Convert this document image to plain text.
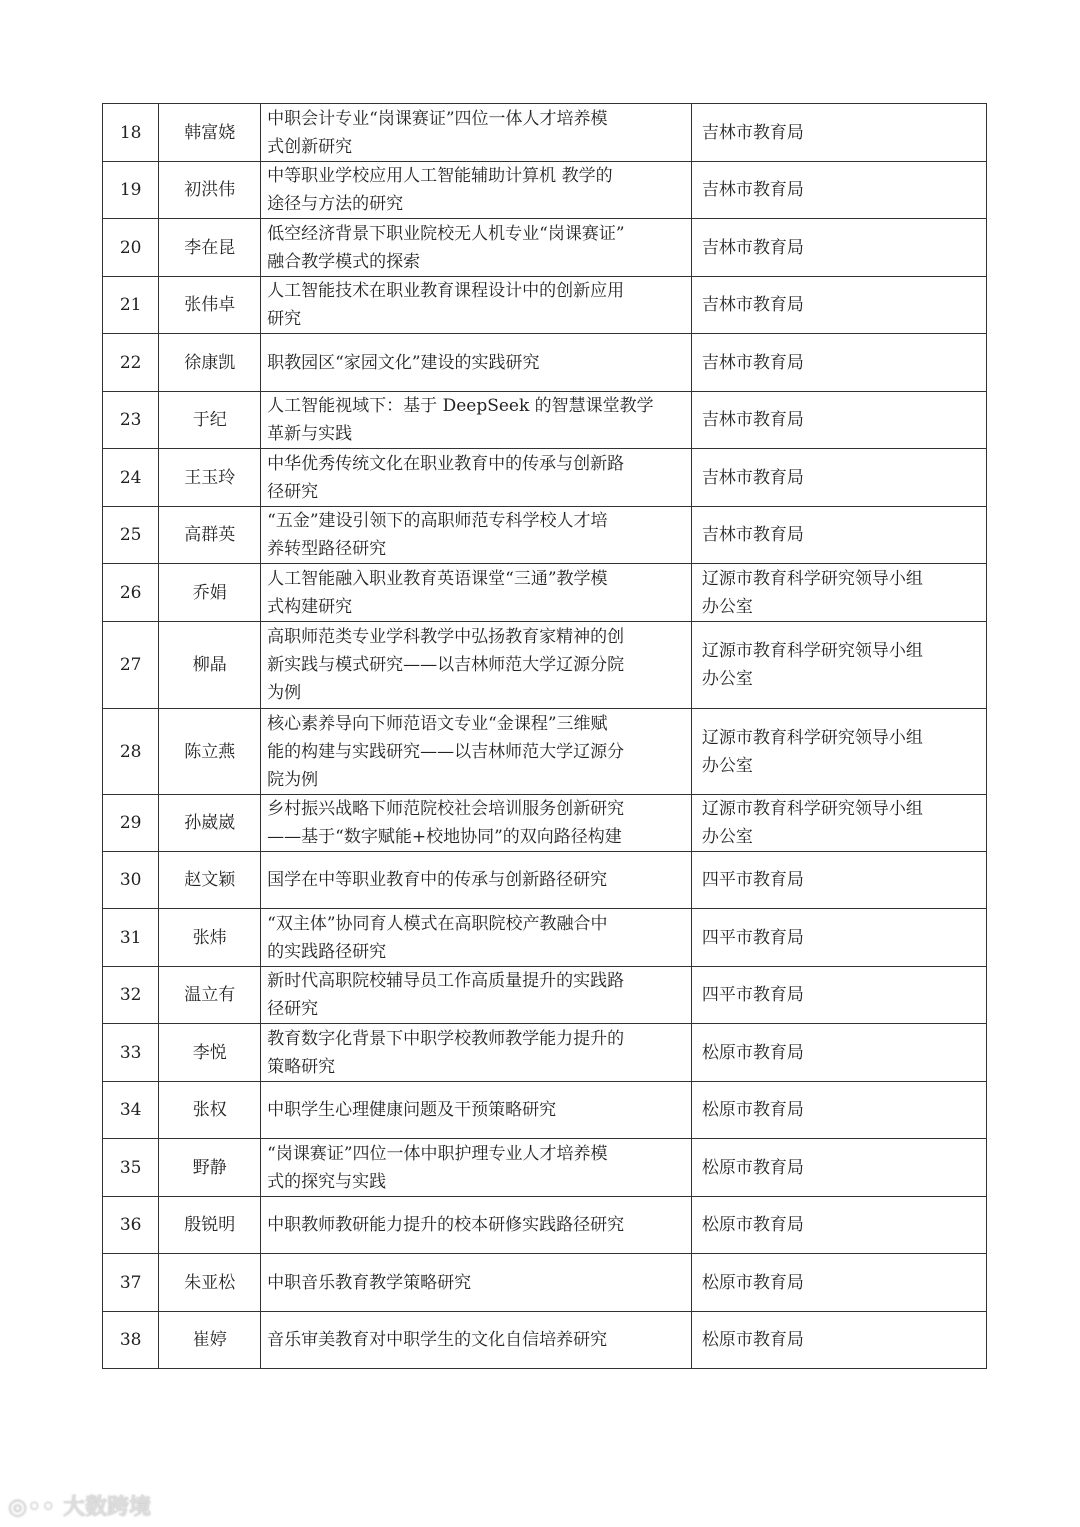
18	韩富娆	中职会计专业“岗课赛证”四位一体人才培养模
式创新研究	吉林市教育局

19	初洪伟	中等职业学校应用人工智能辅助计算机 教学的
途径与方法的研究	吉林市教育局

20	李在昆	低空经济背景下职业院校无人机专业“岗课赛证”
融合教学模式的探索	吉林市教育局

21	张伟卓	人工智能技术在职业教育课程设计中的创新应用
研究	吉林市教育局

22	徐康凯	职教园区“家园文化”建设的实践研究	吉林市教育局

23	于纪	人工智能视域下：基于 DeepSeek 的智慧课堂教学
革新与实践	吉林市教育局

24	王玉玲	中华优秀传统文化在职业教育中的传承与创新路
径研究	吉林市教育局

25	高群英	“五金”建设引领下的高职师范专科学校人才培
养转型路径研究	吉林市教育局

26	乔娟	人工智能融入职业教育英语课堂“三通”教学模
式构建研究	辽源市教育科学研究领导小组
办公室

27	柳晶	高职师范类专业学科教学中弘扬教育家精神的创
新实践与模式研究——以吉林师范大学辽源分院
为例	辽源市教育科学研究领导小组
办公室

28	陈立燕	核心素养导向下师范语文专业“金课程”三维赋
能的构建与实践研究——以吉林师范大学辽源分
院为例	辽源市教育科学研究领导小组
办公室

29	孙崴崴	乡村振兴战略下师范院校社会培训服务创新研究
——基于“数字赋能+校地协同”的双向路径构建	辽源市教育科学研究领导小组
办公室

30	赵文颖	国学在中等职业教育中的传承与创新路径研究	四平市教育局

31	张炜	“双主体”协同育人模式在高职院校产教融合中
的实践路径研究	四平市教育局

32	温立有	新时代高职院校辅导员工作高质量提升的实践路
径研究	四平市教育局

33	李悦	教育数字化背景下中职学校教师教学能力提升的
策略研究	松原市教育局

34	张权	中职学生心理健康问题及干预策略研究	松原市教育局

35	野静	“岗课赛证”四位一体中职护理专业人才培养模
式的探究与实践	松原市教育局

36	殷锐明	中职教师教研能力提升的校本研修实践路径研究	松原市教育局

37	朱亚松	中职音乐教育教学策略研究	松原市教育局

38	崔婷	音乐审美教育对中职学生的文化自信培养研究	松原市教育局
◎◦◦ 大数跨境
